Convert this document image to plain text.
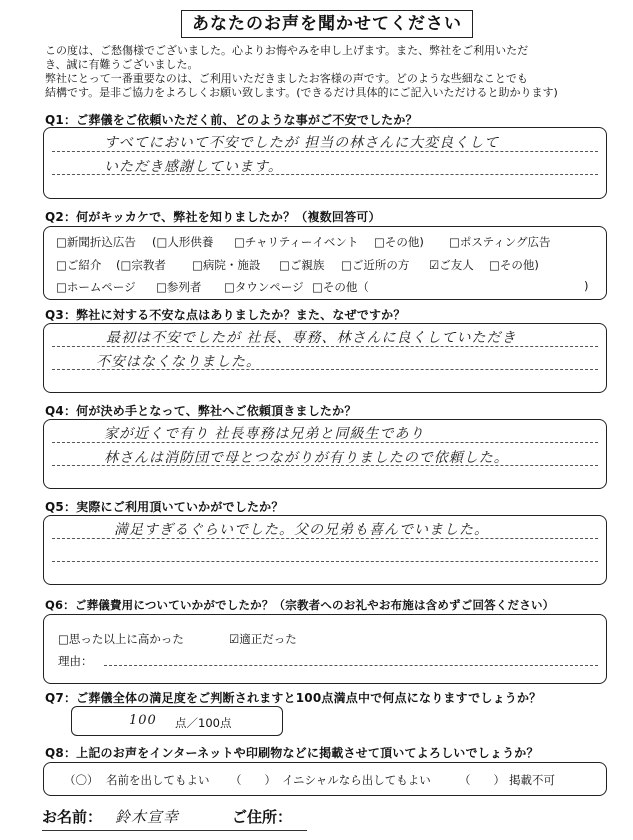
あなたのお声を聞かせてください
この度は、ご愁傷様でございました。心よりお悔やみを申し上げます。また、弊社をご利用いただ
き、誠に有難うございました。
弊社にとって一番重要なのは、ご利用いただきましたお客様の声です。どのような些細なことでも
結構です。是非ご協力をよろしくお願い致します。(できるだけ具体的にご記入いただけると助かります)
Q1：ご葬儀をご依頼いただく前、どのような事がご不安でしたか？
すべてにおいて不安でしたが 担当の林さんに大変良くして
いただき感謝しています。
Q2：何がキッカケで、弊社を知りましたか？（複数回答可）
□新聞折込広告 (□人形供養 □チャリティーイベント □その他) □ポスティング広告
□ご紹介 (□宗教者 □病院・施設 □ご親族 □ご近所の方 ☑ご友人 □その他)
□ホームページ □参列者 □タウンページ □その他（	)
Q3：弊社に対する不安な点はありましたか？また、なぜですか？
最初は不安でしたが 社長、専務、林さんに良くしていただき
不安はなくなりました。
Q4：何が決め手となって、弊社へご依頼頂きましたか？
家が近くで有り 社長専務は兄弟と同級生であり
林さんは消防団で母とつながりが有りましたので依頼した。
Q5：実際にご利用頂いていかがでしたか？
満足すぎるぐらいでした。父の兄弟も喜んでいました。
Q6：ご葬儀費用についていかがでしたか？（宗教者へのお礼やお布施は含めずご回答ください）
□思った以上に高かった	☑適正だった
理由：
Q7：ご葬儀全体の満足度をご判断されますと100点満点中で何点になりますでしょうか？
100 点／100点
Q8：上記のお声をインターネットや印刷物などに掲載させて頂いてよろしいでしょうか？
（〇） 名前を出してもよい （　　） イニシャルなら出してもよい （　　） 掲載不可
お名前： 鈴木宣幸	ご住所：
